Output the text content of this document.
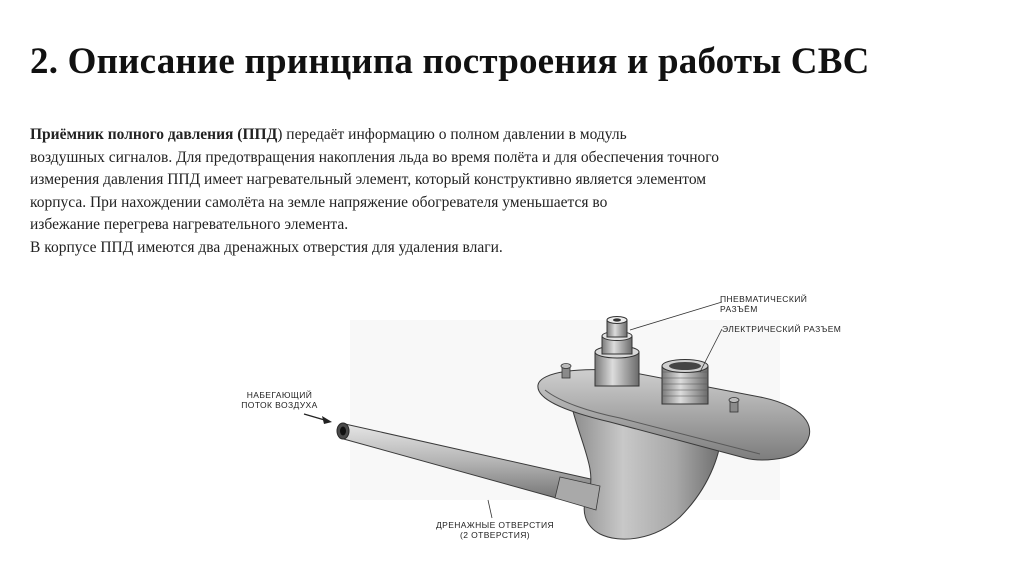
2. Описание принципа построения и работы СВС
Приёмник полного давления (ППД) передаёт информацию о полном давлении в модуль
воздушных сигналов. Для предотвращения накопления льда во время полёта и для обеспечения точного
измерения давления ППД имеет нагревательный элемент, который конструктивно является элементом
корпуса. При нахождении самолёта на земле напряжение обогревателя уменьшается во
избежание перегрева нагревательного элемента.
В корпусе ППД имеются два дренажных отверстия для удаления влаги.
ПНЕВМАТИЧЕСКИЙ РАЗЪЁМ
ЭЛЕКТРИЧЕСКИЙ РАЗЪЕМ
НАБЕГАЮЩИЙ ПОТОК ВОЗДУХА
ДРЕНАЖНЫЕ ОТВЕРСТИЯ
(2 ОТВЕРСТИЯ)
